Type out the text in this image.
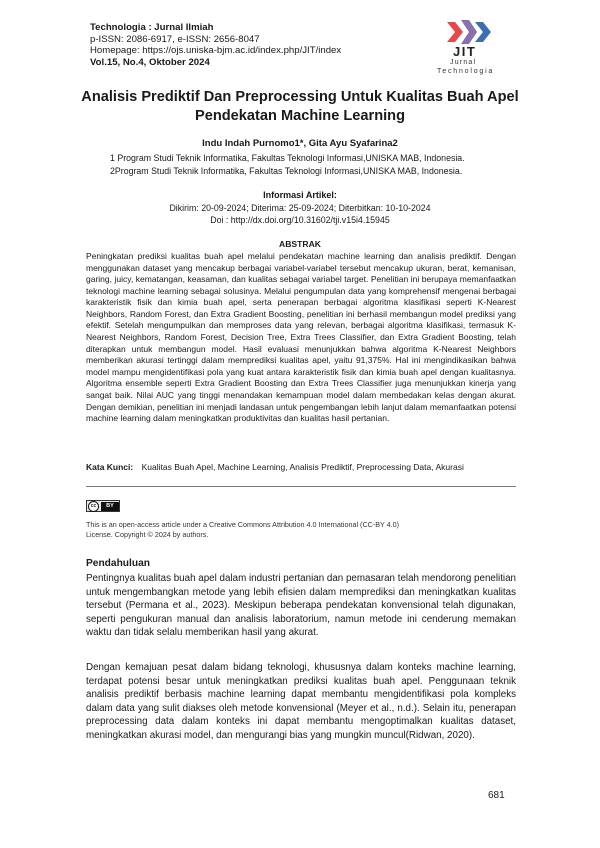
Technologia : Jurnal Ilmiah
p-ISSN: 2086-6917, e-ISSN: 2656-8047
Homepage: https://ojs.uniska-bjm.ac.id/index.php/JIT/index
Vol.15, No.4, Oktober 2024
JIT
Jurnal
Technologia
Analisis Prediktif Dan Preprocessing Untuk Kualitas Buah Apel
Pendekatan Machine Learning
Indu Indah Purnomo1*, Gita Ayu Syafarina2
1 Program Studi Teknik Informatika, Fakultas Teknologi Informasi,UNISKA MAB, Indonesia.
2Program Studi Teknik Informatika, Fakultas Teknologi Informasi,UNISKA MAB, Indonesia.
Informasi Artikel:
Dikirim: 20-09-2024; Diterima: 25-09-2024; Diterbitkan: 10-10-2024
Doi : http://dx.doi.org/10.31602/tji.v15i4.15945
ABSTRAK
Peningkatan prediksi kualitas buah apel melalui pendekatan machine learning dan analisis prediktif. Dengan menggunakan dataset yang mencakup berbagai variabel-variabel tersebut mencakup ukuran, berat, kemanisan, garing, juicy, kematangan, keasaman, dan kualitas sebagai variabel target. Penelitian ini berupaya memanfaatkan teknologi machine learning sebagai solusinya. Melalui pengumpulan data yang komprehensif mengenai berbagai karakteristik fisik dan kimia buah apel, serta penerapan berbagai algoritma klasifikasi seperti K-Nearest Neighbors, Random Forest, dan Extra Gradient Boosting, penelitian ini berhasil membangun model prediksi yang efektif. Setelah mengumpulkan dan memproses data yang relevan, berbagai algoritma klasifikasi, termasuk K-Nearest Neighbors, Random Forest, Decision Tree, Extra Trees Classifier, dan Extra Gradient Boosting, telah diterapkan untuk membangun model. Hasil evaluasi menunjukkan bahwa algoritma K-Nearest Neighbors memberikan akurasi tertinggi dalam memprediksi kualitas apel, yaitu 91,375%. Hal ini mengindikasikan bahwa model mampu mengidentifikasi pola yang kuat antara karakteristik fisik dan kimia buah apel dengan kualitasnya. Algoritma ensemble seperti Extra Gradient Boosting dan Extra Trees Classifier juga menunjukkan kinerja yang sangat baik. Nilai AUC yang tinggi menandakan kemampuan model dalam membedakan kelas dengan akurat. Dengan demikian, penelitian ini menjadi landasan untuk pengembangan lebih lanjut dalam memanfaatkan potensi machine learning dalam meningkatkan produktivitas dan kualitas hasil pertanian.
Kata Kunci: Kualitas Buah Apel, Machine Learning, Analisis Prediktif, Preprocessing Data, Akurasi
cc	BY
This is an open-access article under a Creative Commons Attribution 4.0 International (CC-BY 4.0)
License. Copyright © 2024 by authors.
Pendahuluan
Pentingnya kualitas buah apel dalam industri pertanian dan pemasaran telah mendorong penelitian untuk mengembangkan metode yang lebih efisien dalam memprediksi dan meningkatkan kualitas tersebut (Permana et al., 2023). Meskipun beberapa pendekatan konvensional telah digunakan, seperti pengukuran manual dan analisis laboratorium, namun metode ini cenderung memakan waktu dan tidak selalu memberikan hasil yang akurat.
Dengan kemajuan pesat dalam bidang teknologi, khususnya dalam konteks machine learning, terdapat potensi besar untuk meningkatkan prediksi kualitas buah apel. Penggunaan teknik analisis prediktif berbasis machine learning dapat membantu mengidentifikasi pola kompleks dalam data yang sulit diakses oleh metode konvensional (Meyer et al., n.d.). Selain itu, penerapan preprocessing data dalam konteks ini dapat membantu mengoptimalkan kualitas dataset, meningkatkan akurasi model, dan mengurangi bias yang mungkin muncul(Ridwan, 2020).
681
